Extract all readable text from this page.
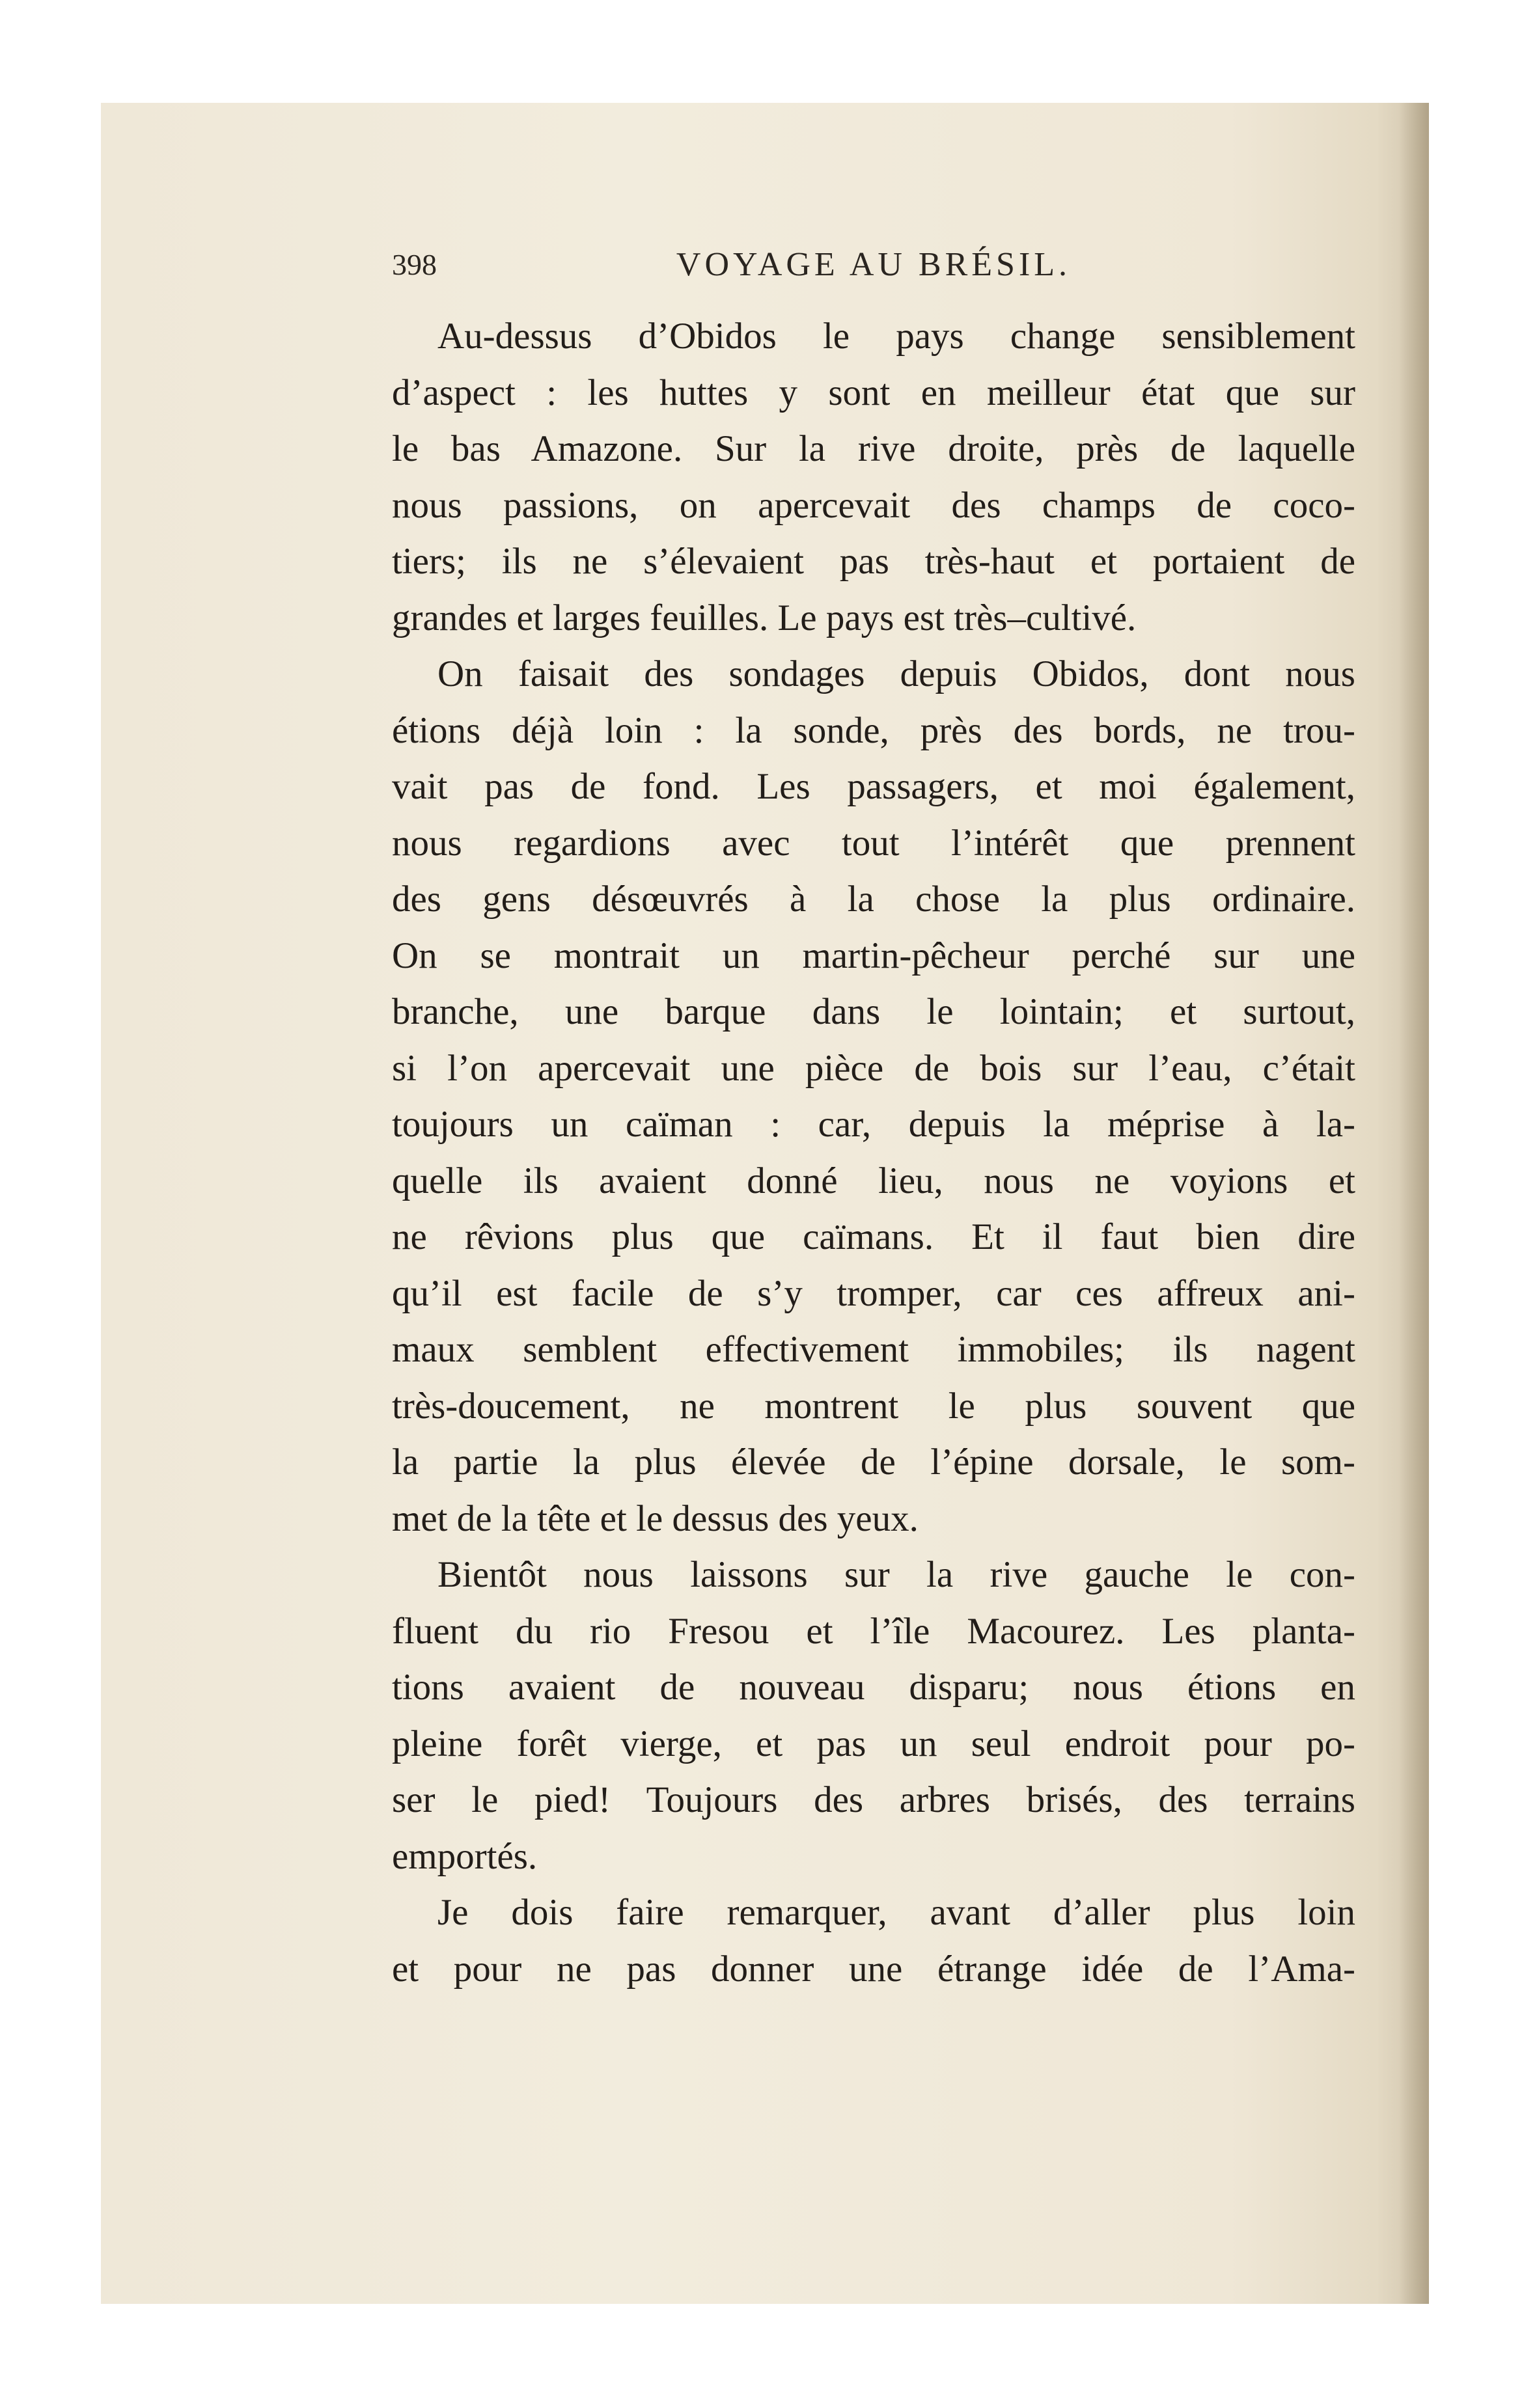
398	VOYAGE AU BRÉSIL.
Au-dessus d’Obidos le pays change sensiblement
d’aspect : les huttes y sont en meilleur état que sur
le bas Amazone. Sur la rive droite, près de laquelle
nous passions, on apercevait des champs de coco-
tiers; ils ne s’élevaient pas très-haut et portaient de
grandes et larges feuilles. Le pays est très–cultivé.
On faisait des sondages depuis Obidos, dont nous
étions déjà loin : la sonde, près des bords, ne trou-
vait pas de fond. Les passagers, et moi également,
nous regardions avec tout l’intérêt que prennent
des gens désœuvrés à la chose la plus ordinaire.
On se montrait un martin-pêcheur perché sur une
branche, une barque dans le lointain; et surtout,
si l’on apercevait une pièce de bois sur l’eau, c’était
toujours un caïman : car, depuis la méprise à la-
quelle ils avaient donné lieu, nous ne voyions et
ne rêvions plus que caïmans. Et il faut bien dire
qu’il est facile de s’y tromper, car ces affreux ani-
maux semblent effectivement immobiles; ils nagent
très-doucement, ne montrent le plus souvent que
la partie la plus élevée de l’épine dorsale, le som-
met de la tête et le dessus des yeux.
Bientôt nous laissons sur la rive gauche le con-
fluent du rio Fresou et l’île Macourez. Les planta-
tions avaient de nouveau disparu; nous étions en
pleine forêt vierge, et pas un seul endroit pour po-
ser le pied! Toujours des arbres brisés, des terrains
emportés.
Je dois faire remarquer, avant d’aller plus loin
et pour ne pas donner une étrange idée de l’Ama-
